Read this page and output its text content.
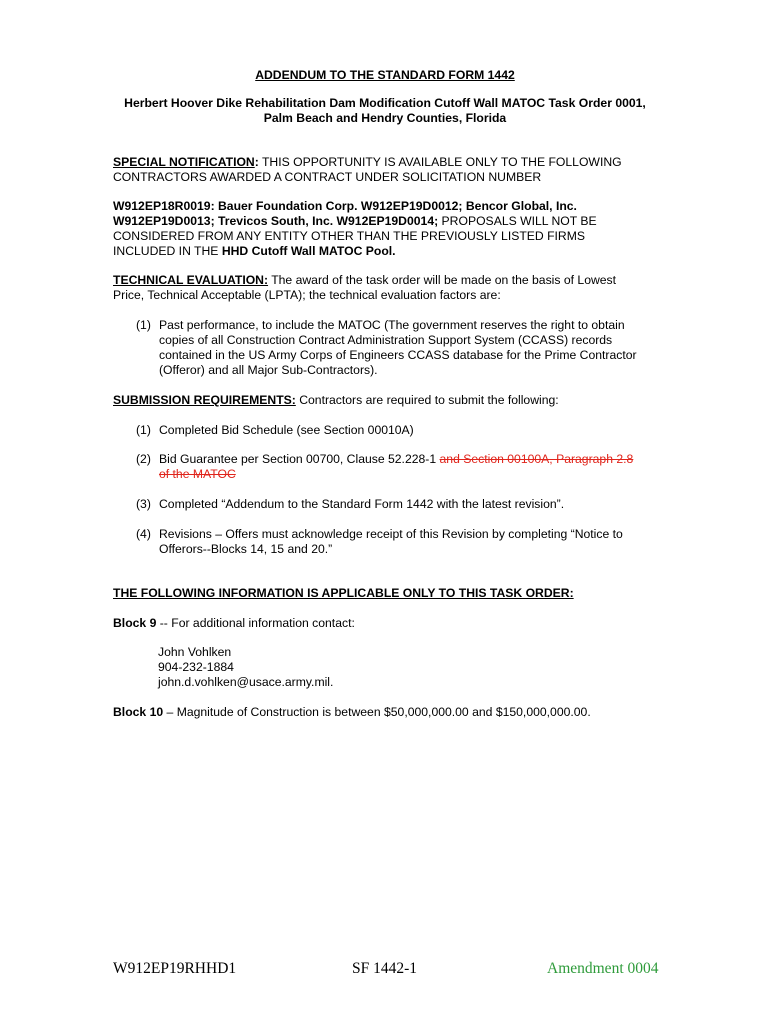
ADDENDUM TO THE STANDARD FORM 1442
Herbert Hoover Dike Rehabilitation Dam Modification Cutoff Wall MATOC Task Order 0001,
Palm Beach and Hendry Counties, Florida
SPECIAL NOTIFICATION: THIS OPPORTUNITY IS AVAILABLE ONLY TO THE FOLLOWING
CONTRACTORS AWARDED A CONTRACT UNDER SOLICITATION NUMBER
W912EP18R0019: Bauer Foundation Corp. W912EP19D0012; Bencor Global, Inc.
W912EP19D0013; Trevicos South, Inc. W912EP19D0014; PROPOSALS WILL NOT BE
CONSIDERED FROM ANY ENTITY OTHER THAN THE PREVIOUSLY LISTED FIRMS
INCLUDED IN THE HHD Cutoff Wall MATOC Pool.
TECHNICAL EVALUATION: The award of the task order will be made on the basis of Lowest
Price, Technical Acceptable (LPTA); the technical evaluation factors are:
(1) Past performance, to include the MATOC (The government reserves the right to obtain
copies of all Construction Contract Administration Support System (CCASS) records
contained in the US Army Corps of Engineers CCASS database for the Prime Contractor
(Offeror) and all Major Sub-Contractors).
SUBMISSION REQUIREMENTS: Contractors are required to submit the following:
(1) Completed Bid Schedule (see Section 00010A)
(2) Bid Guarantee per Section 00700, Clause 52.228-1 and Section 00100A, Paragraph 2.8
of the MATOC
(3) Completed “Addendum to the Standard Form 1442 with the latest revision”.
(4) Revisions – Offers must acknowledge receipt of this Revision by completing “Notice to
Offerors--Blocks 14, 15 and 20.”
THE FOLLOWING INFORMATION IS APPLICABLE ONLY TO THIS TASK ORDER:
Block 9 -- For additional information contact:
John Vohlken
904-232-1884
john.d.vohlken@usace.army.mil.
Block 10 – Magnitude of Construction is between $50,000,000.00 and $150,000,000.00.
W912EP19RHHD1	SF 1442-1	Amendment 0004
